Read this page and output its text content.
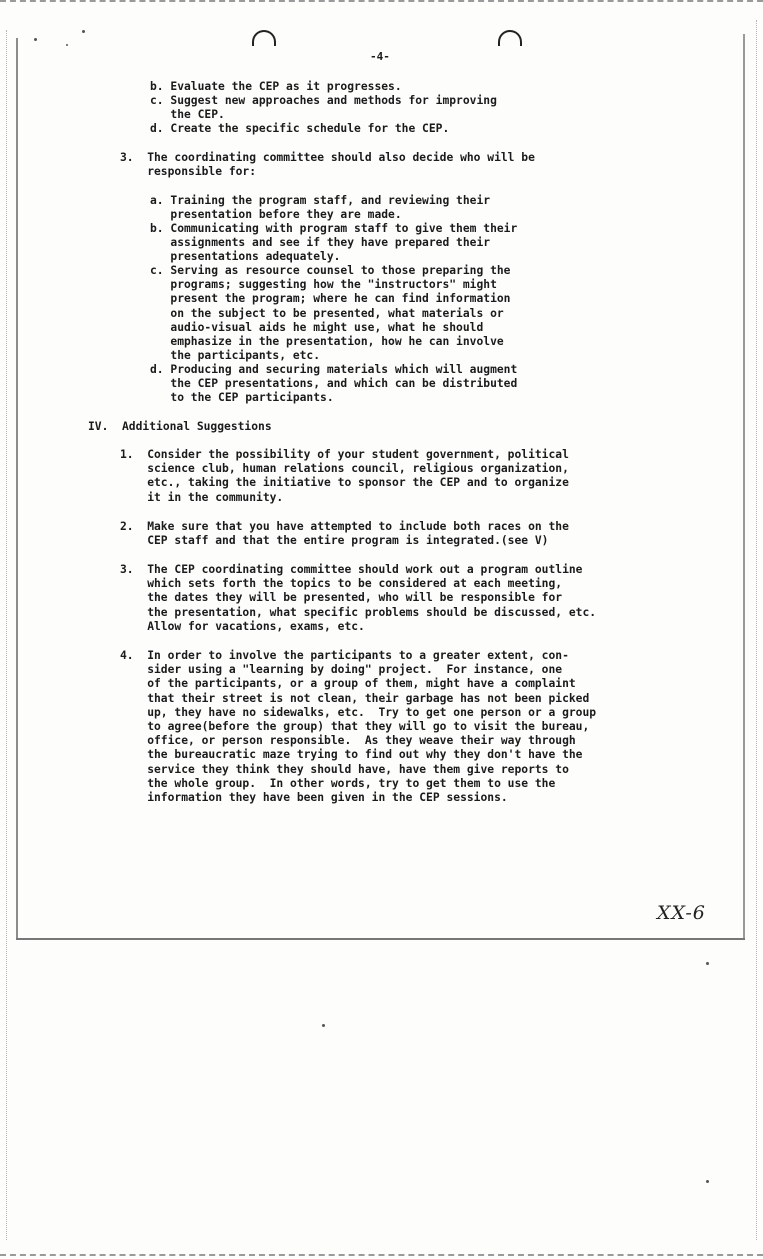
-4-

b. Evaluate the CEP as it progresses.

c. Suggest new approaches and methods for improving
the CEP.

d. Create the specific schedule for the CEP.

3.  The coordinating committee should also decide who will be
responsible for:

a. Training the program staff, and reviewing their
presentation before they are made.

b. Communicating with program staff to give them their
assignments and see if they have prepared their
presentations adequately.

c. Serving as resource counsel to those preparing the
programs; suggesting how the "instructors" might
present the program; where he can find information
on the subject to be presented, what materials or
audio-visual aids he might use, what he should
emphasize in the presentation, how he can involve
the participants, etc.

d. Producing and securing materials which will augment
the CEP presentations, and which can be distributed
to the CEP participants.

IV.  Additional Suggestions

1.  Consider the possibility of your student government, political
science club, human relations council, religious organization,
etc., taking the initiative to sponsor the CEP and to organize
it in the community.

2.  Make sure that you have attempted to include both races on the
CEP staff and that the entire program is integrated.(see V)

3.  The CEP coordinating committee should work out a program outline
which sets forth the topics to be considered at each meeting,
the dates they will be presented, who will be responsible for
the presentation, what specific problems should be discussed, etc.
Allow for vacations, exams, etc.

4.  In order to involve the participants to a greater extent, con-
sider using a "learning by doing" project.  For instance, one
of the participants, or a group of them, might have a complaint
that their street is not clean, their garbage has not been picked
up, they have no sidewalks, etc.  Try to get one person or a group
to agree(before the group) that they will go to visit the bureau,
office, or person responsible.  As they weave their way through
the bureaucratic maze trying to find out why they don't have the
service they think they should have, have them give reports to
the whole group.  In other words, try to get them to use the
information they have been given in the CEP sessions.

XX-6
